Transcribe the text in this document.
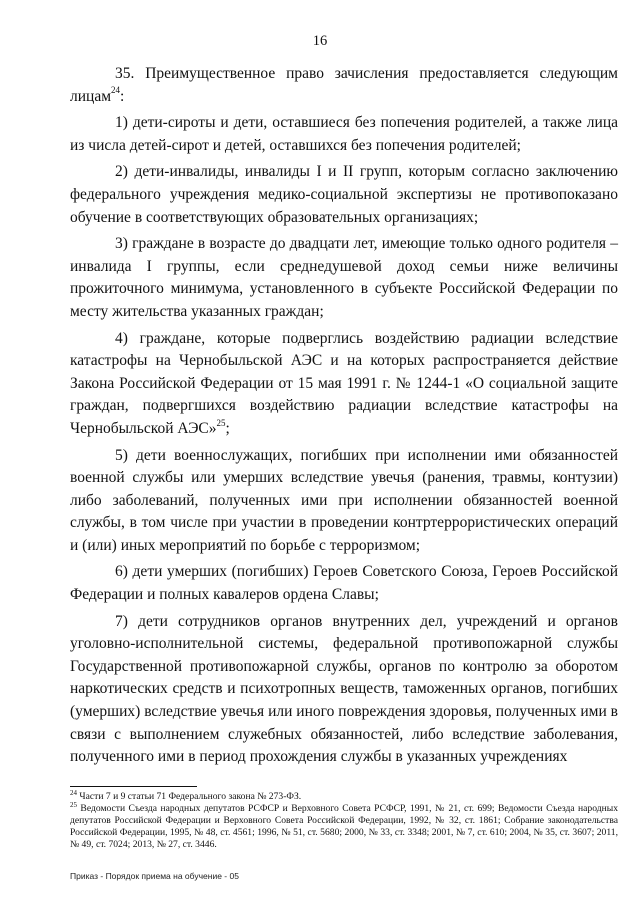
16

35. Преимущественное право зачисления предоставляется следующим лицам$^{24}$:

1) дети-сироты и дети, оставшиеся без попечения родителей, а также лица из числа детей-сирот и детей, оставшихся без попечения родителей;

2) дети-инвалиды, инвалиды I и II групп, которым согласно заключению федерального учреждения медико-социальной экспертизы не противопоказано обучение в соответствующих образовательных организациях;

3) граждане в возрасте до двадцати лет, имеющие только одного родителя – инвалида I группы, если среднедушевой доход семьи ниже величины прожиточного минимума, установленного в субъекте Российской Федерации по месту жительства указанных граждан;

4) граждане, которые подверглись воздействию радиации вследствие катастрофы на Чернобыльской АЭС и на которых распространяется действие Закона Российской Федерации от 15 мая 1991 г. № 1244-1 «О социальной защите граждан, подвергшихся воздействию радиации вследствие катастрофы на Чернобыльской АЭС»$^{25}$;

5) дети военнослужащих, погибших при исполнении ими обязанностей военной службы или умерших вследствие увечья (ранения, травмы, контузии) либо заболеваний, полученных ими при исполнении обязанностей военной службы, в том числе при участии в проведении контртеррористических операций и (или) иных мероприятий по борьбе с терроризмом;

6) дети умерших (погибших) Героев Советского Союза, Героев Российской Федерации и полных кавалеров ордена Славы;

7) дети сотрудников органов внутренних дел, учреждений и органов уголовно-исполнительной системы, федеральной противопожарной службы Государственной противопожарной службы, органов по контролю за оборотом наркотических средств и психотропных веществ, таможенных органов, погибших (умерших) вследствие увечья или иного повреждения здоровья, полученных ими в связи с выполнением служебных обязанностей, либо вследствие заболевания, полученного ими в период прохождения службы в указанных учреждениях

$^{24}$ Части 7 и 9 статьи 71 Федерального закона № 273-ФЗ.

$^{25}$ Ведомости Съезда народных депутатов РСФСР и Верховного Совета РСФСР, 1991, № 21, ст. 699; Ведомости Съезда народных депутатов Российской Федерации и Верховного Совета Российской Федерации, 1992, № 32, ст. 1861; Собрание законодательства Российской Федерации, 1995, № 48, ст. 4561; 1996, № 51, ст. 5680; 2000, № 33, ст. 3348; 2001, № 7, ст. 610; 2004, № 35, ст. 3607; 2011, № 49, ст. 7024; 2013, № 27, ст. 3446.

Приказ - Порядок приема на обучение - 05
